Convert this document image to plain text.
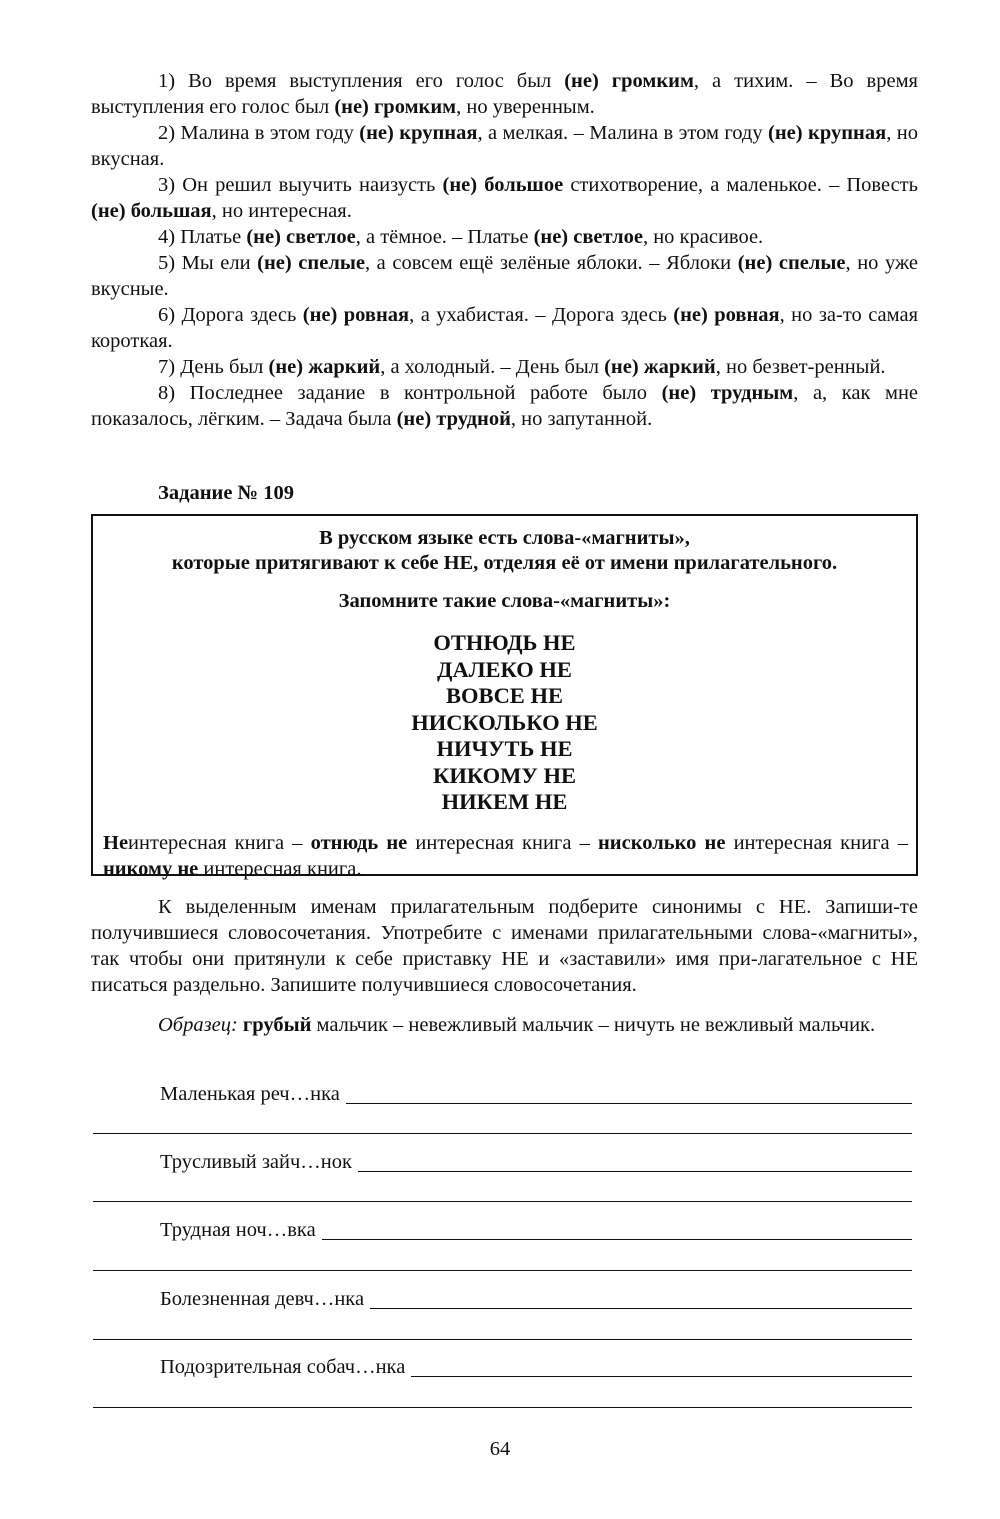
1) Во время выступления его голос был (не) громким, а тихим. – Во время выступления его голос был (не) громким, но уверенным.

2) Малина в этом году (не) крупная, а мелкая. – Малина в этом году (не) крупная, но вкусная.

3) Он решил выучить наизусть (не) большое стихотворение, а маленькое. – Повесть (не) большая, но интересная.

4) Платье (не) светлое, а тёмное. – Платье (не) светлое, но красивое.

5) Мы ели (не) спелые, а совсем ещё зелёные яблоки. – Яблоки (не) спелые, но уже вкусные.

6) Дорога здесь (не) ровная, а ухабистая. – Дорога здесь (не) ровная, но за-то самая короткая.

7) День был (не) жаркий, а холодный. – День был (не) жаркий, но безвет-ренный.

8) Последнее задание в контрольной работе было (не) трудным, а, как мне показалось, лёгким. – Задача была (не) трудной, но запутанной.

Задание № 109

В русском языке есть слова-«магниты»,
которые притягивают к себе НЕ, отделяя её от имени прилагательного.

Запомните такие слова-«магниты»:

ОТНЮДЬ НЕ
ДАЛЕКО НЕ
ВОВСЕ НЕ
НИСКОЛЬКО НЕ
НИЧУТЬ НЕ
КИКОМУ НЕ
НИКЕМ НЕ

Неинтересная книга – отнюдь не интересная книга – нисколько не интересная книга – никому не интересная книга.

К выделенным именам прилагательным подберите синонимы с НЕ. Запиши-те получившиеся словосочетания. Употребите с именами прилагательными слова-«магниты», так чтобы они притянули к себе приставку НЕ и «заставили» имя при-лагательное с НЕ писаться раздельно. Запишите получившиеся словосочетания.

Образец: грубый мальчик – невежливый мальчик – ничуть не вежливый мальчик.

Маленькая реч…нка
Трусливый зайч…нок
Трудная ноч…вка
Болезненная девч…нка
Подозрительная собач…нка

64
